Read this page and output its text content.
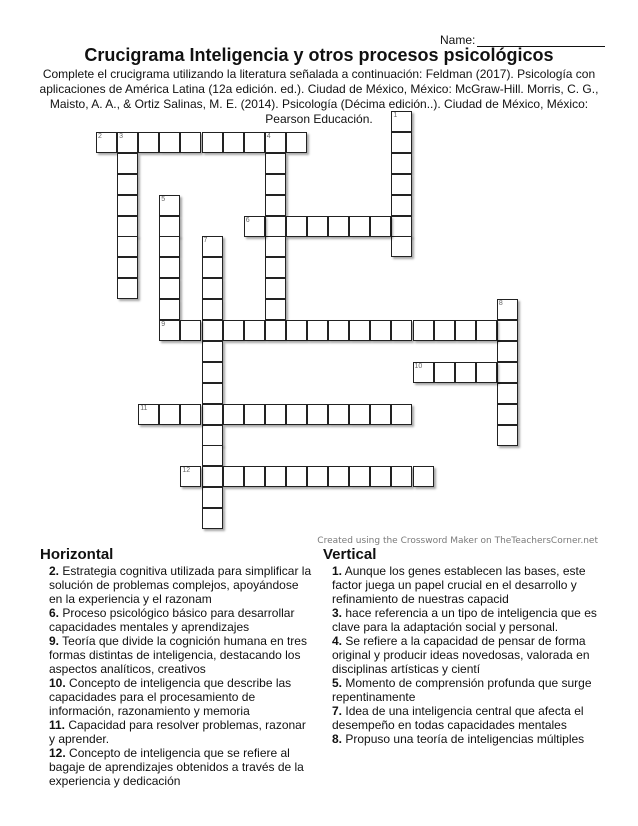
Name:
Crucigrama Inteligencia y otros procesos psicológicos
Complete el crucigrama utilizando la literatura señalada a continuación: Feldman (2017). Psicología con aplicaciones de América Latina (12a edición. ed.). Ciudad de México, México: McGraw-Hill. Morris, C. G., Maisto, A. A., & Ortiz Salinas, M. E. (2014). Psicología (Décima edición..). Ciudad de México, México: Pearson Educación.	1
2 3	4
5
6
7
8
9
10
11
12
Created using the Crossword Maker on TheTeachersCorner.net
Horizontal
2. Estrategia cognitiva utilizada para simplificar la solución de problemas complejos, apoyándose en la experiencia y el razonam
6. Proceso psicológico básico para desarrollar capacidades mentales y aprendizajes
9. Teoría que divide la cognición humana en tres formas distintas de inteligencia, destacando los aspectos analíticos, creativos
10. Concepto de inteligencia que describe las capacidades para el procesamiento de información, razonamiento y memoria
11. Capacidad para resolver problemas, razonar y aprender.
12. Concepto de inteligencia que se refiere al bagaje de aprendizajes obtenidos a través de la experiencia y dedicación
Vertical
1. Aunque los genes establecen las bases, este factor juega un papel crucial en el desarrollo y refinamiento de nuestras capacid
3. hace referencia a un tipo de inteligencia que es clave para la adaptación social y personal.
4. Se refiere a la capacidad de pensar de forma original y producir ideas novedosas, valorada en disciplinas artísticas y cientí
5. Momento de comprensión profunda que surge repentinamente
7. Idea de una inteligencia central que afecta el desempeño en todas capacidades mentales
8. Propuso una teoría de inteligencias múltiples
